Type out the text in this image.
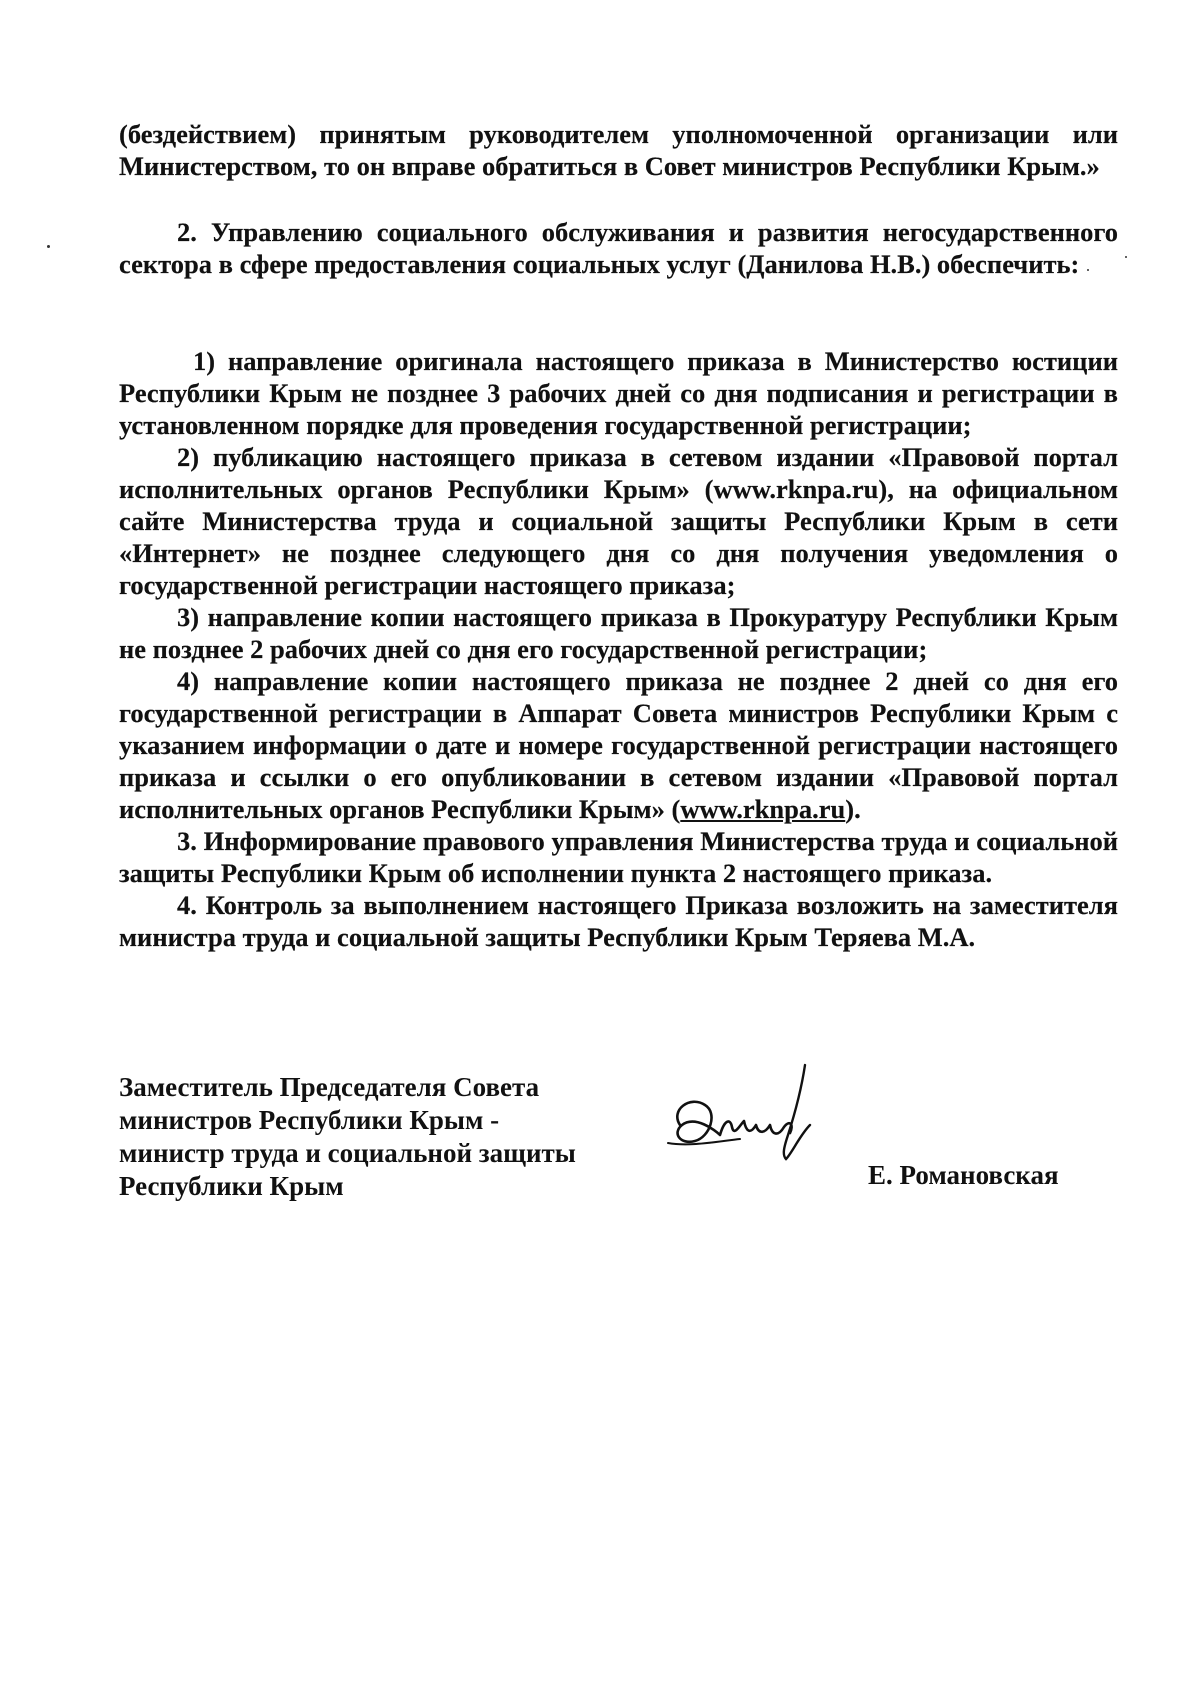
(бездействием) принятым руководителем уполномоченной организации или Министерством, то он вправе обратиться в Совет министров Республики Крым.»

2. Управлению социального обслуживания и развития негосударственного сектора в сфере предоставления социальных услуг (Данилова Н.В.) обеспечить:

1) направление оригинала настоящего приказа в Министерство юстиции Республики Крым не позднее 3 рабочих дней со дня подписания и регистрации в установленном порядке для проведения государственной регистрации;

2) публикацию настоящего приказа в сетевом издании «Правовой портал исполнительных органов Республики Крым» (www.rknpa.ru), на официальном сайте Министерства труда и социальной защиты Республики Крым в сети «Интернет» не позднее следующего дня со дня получения уведомления о государственной регистрации настоящего приказа;

3) направление копии настоящего приказа в Прокуратуру Республики Крым не позднее 2 рабочих дней со дня его государственной регистрации;

4) направление копии настоящего приказа не позднее 2 дней со дня его государственной регистрации в Аппарат Совета министров Республики Крым с указанием информации о дате и номере государственной регистрации настоящего приказа и ссылки о его опубликовании в сетевом издании «Правовой портал исполнительных органов Республики Крым» (www.rknpa.ru).

3. Информирование правового управления Министерства труда и социальной защиты Республики Крым об исполнении пункта 2 настоящего приказа.

4. Контроль за выполнением настоящего Приказа возложить на заместителя министра труда и социальной защиты Республики Крым Теряева М.А.

Заместитель Председателя Совета
министров Республики Крым -
министр труда и социальной защиты
Республики Крым	Е. Романовская
